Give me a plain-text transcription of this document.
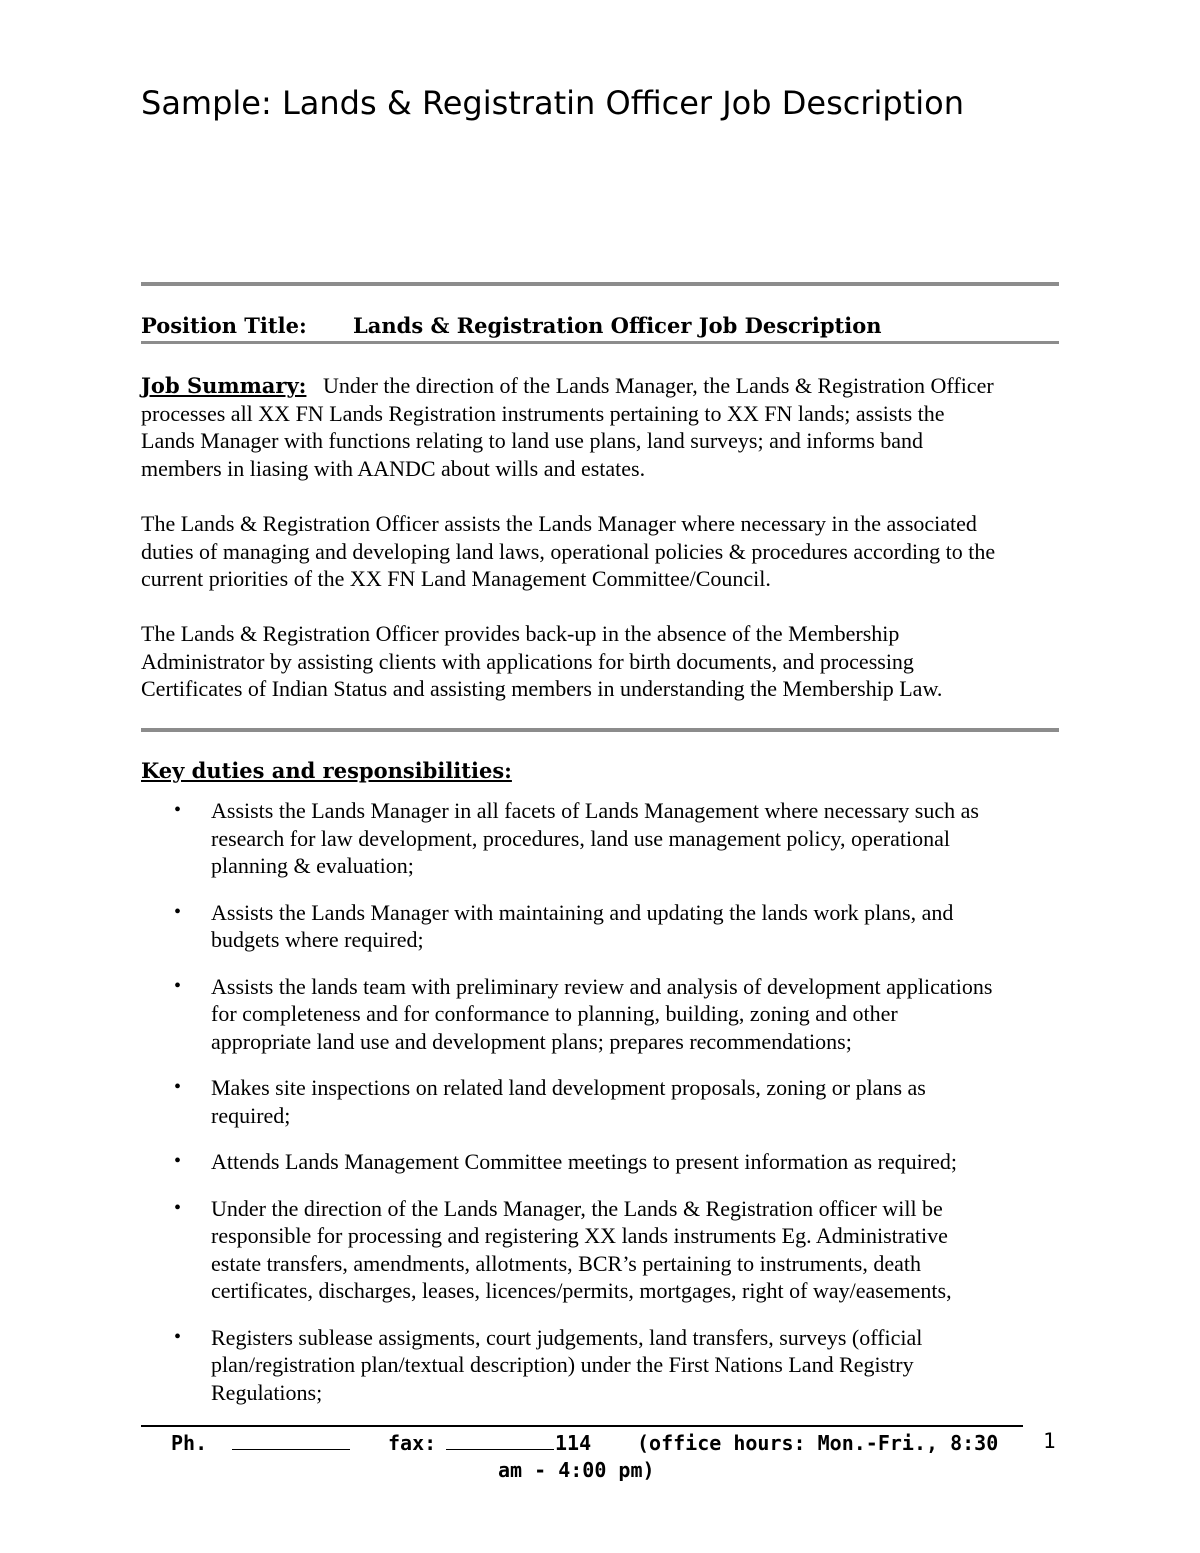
Sample: Lands & Registratin Officer Job Description
Position Title: Lands & Registration Officer Job Description
Job Summary: Under the direction of the Lands Manager, the Lands & Registration Officer
processes all XX FN Lands Registration instruments pertaining to XX FN lands; assists the
Lands Manager with functions relating to land use plans, land surveys; and informs band
members in liasing with AANDC about wills and estates.
The Lands & Registration Officer assists the Lands Manager where necessary in the associated
duties of managing and developing land laws, operational policies & procedures according to the
current priorities of the XX FN Land Management Committee/Council.
The Lands & Registration Officer provides back-up in the absence of the Membership
Administrator by assisting clients with applications for birth documents, and processing
Certificates of Indian Status and assisting members in understanding the Membership Law.
Key duties and responsibilities:
• Assists the Lands Manager in all facets of Lands Management where necessary such as
research for law development, procedures, land use management policy, operational
planning & evaluation;
• Assists the Lands Manager with maintaining and updating the lands work plans, and
budgets where required;
• Assists the lands team with preliminary review and analysis of development applications
for completeness and for conformance to planning, building, zoning and other
appropriate land use and development plans; prepares recommendations;
• Makes site inspections on related land development proposals, zoning or plans as
required;
• Attends Lands Management Committee meetings to present information as required;
• Under the direction of the Lands Manager, the Lands & Registration officer will be
responsible for processing and registering XX lands instruments Eg. Administrative
estate transfers, amendments, allotments, BCR’s pertaining to instruments, death
certificates, discharges, leases, licences/permits, mortgages, right of way/easements,
• Registers sublease assigments, court judgements, land transfers, surveys (official
plan/registration plan/textual description) under the First Nations Land Registry
Regulations;
Ph.	fax:	114 (office hours: Mon.-Fri., 8:30
am - 4:00 pm)
1
